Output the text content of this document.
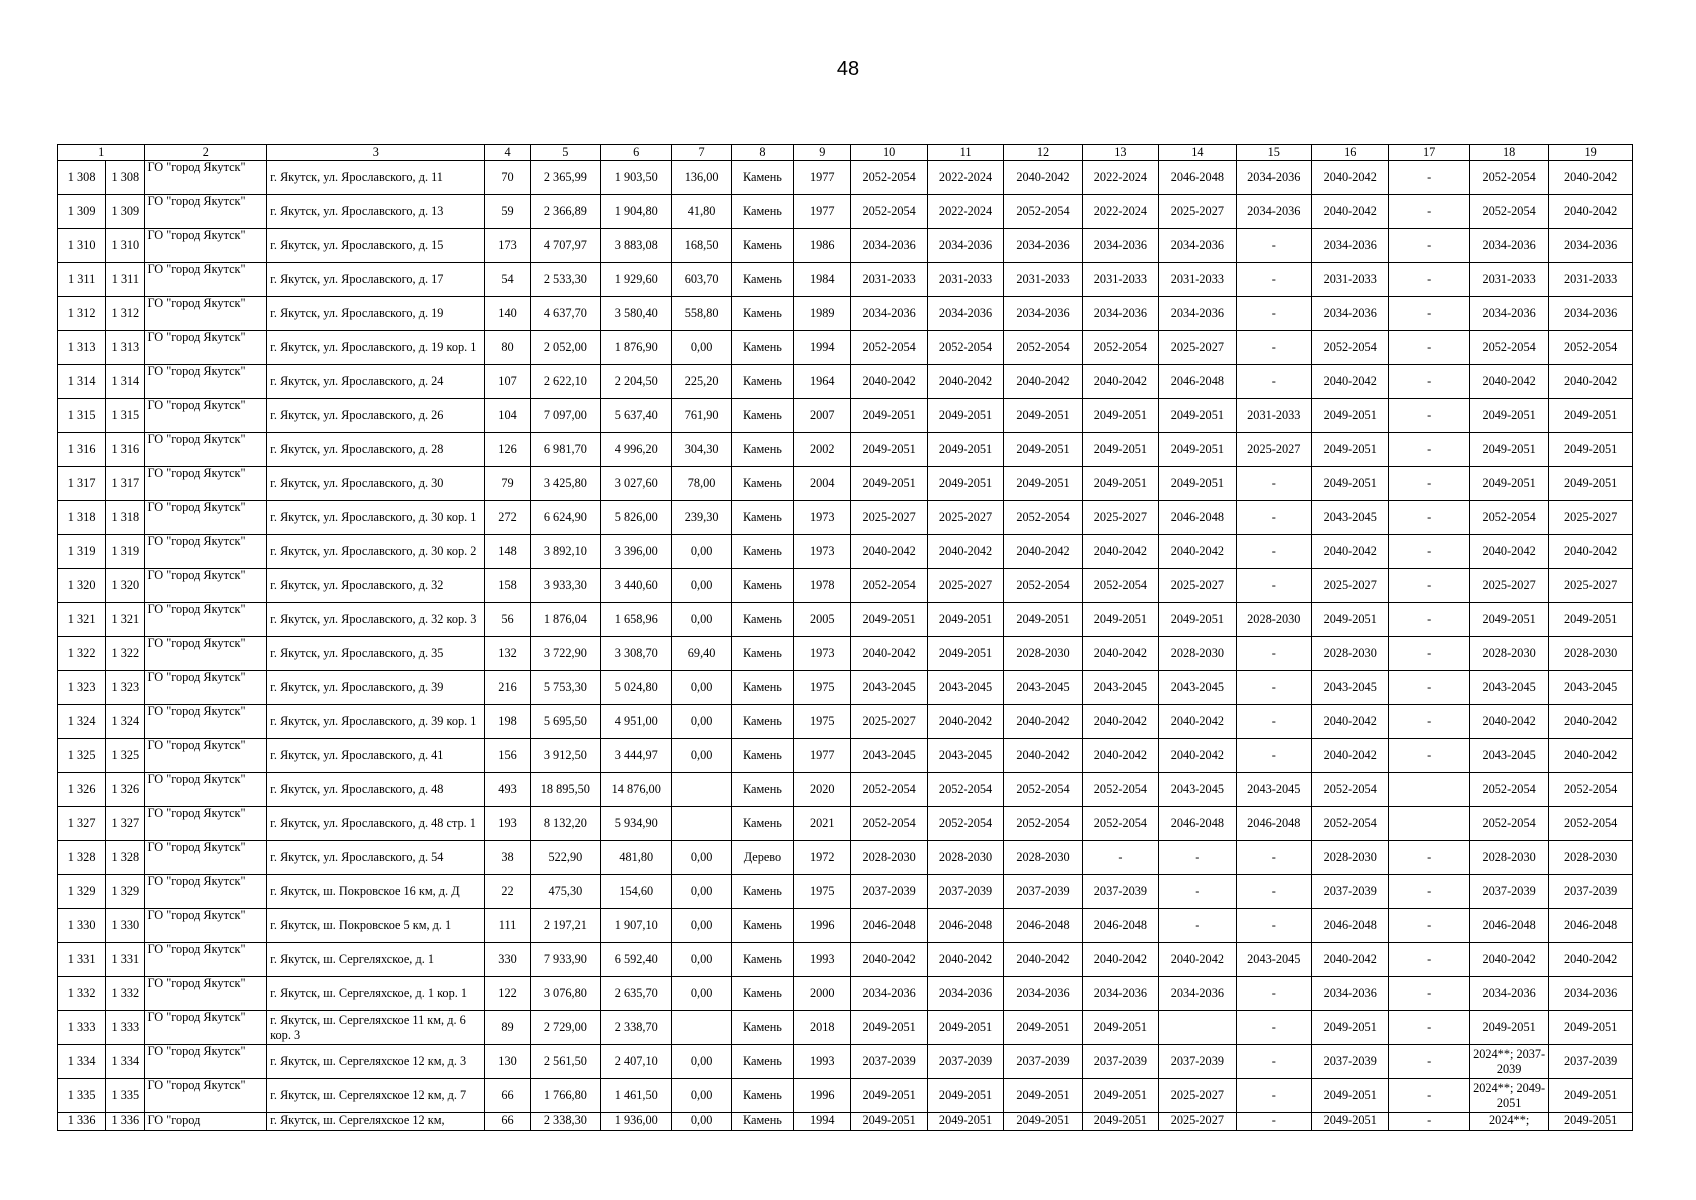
48
1		2	3	4	5	6	7	8	9	10	11	12	13	14	15	16	17	18	19
1 308	1 308	ГО "город Якутск"	г. Якутск, ул. Ярославского, д. 11	70	2 365,99	1 903,50	136,00	Камень	1977	2052-2054	2022-2024	2040-2042	2022-2024	2046-2048	2034-2036	2040-2042	-	2052-2054	2040-2042
1 309	1 309	ГО "город Якутск"	г. Якутск, ул. Ярославского, д. 13	59	2 366,89	1 904,80	41,80	Камень	1977	2052-2054	2022-2024	2052-2054	2022-2024	2025-2027	2034-2036	2040-2042	-	2052-2054	2040-2042
1 310	1 310	ГО "город Якутск"	г. Якутск, ул. Ярославского, д. 15	173	4 707,97	3 883,08	168,50	Камень	1986	2034-2036	2034-2036	2034-2036	2034-2036	2034-2036	-	2034-2036	-	2034-2036	2034-2036
1 311	1 311	ГО "город Якутск"	г. Якутск, ул. Ярославского, д. 17	54	2 533,30	1 929,60	603,70	Камень	1984	2031-2033	2031-2033	2031-2033	2031-2033	2031-2033	-	2031-2033	-	2031-2033	2031-2033
1 312	1 312	ГО "город Якутск"	г. Якутск, ул. Ярославского, д. 19	140	4 637,70	3 580,40	558,80	Камень	1989	2034-2036	2034-2036	2034-2036	2034-2036	2034-2036	-	2034-2036	-	2034-2036	2034-2036
1 313	1 313	ГО "город Якутск"	г. Якутск, ул. Ярославского, д. 19 кор. 1	80	2 052,00	1 876,90	0,00	Камень	1994	2052-2054	2052-2054	2052-2054	2052-2054	2025-2027	-	2052-2054	-	2052-2054	2052-2054
1 314	1 314	ГО "город Якутск"	г. Якутск, ул. Ярославского, д. 24	107	2 622,10	2 204,50	225,20	Камень	1964	2040-2042	2040-2042	2040-2042	2040-2042	2046-2048	-	2040-2042	-	2040-2042	2040-2042
1 315	1 315	ГО "город Якутск"	г. Якутск, ул. Ярославского, д. 26	104	7 097,00	5 637,40	761,90	Камень	2007	2049-2051	2049-2051	2049-2051	2049-2051	2049-2051	2031-2033	2049-2051	-	2049-2051	2049-2051
1 316	1 316	ГО "город Якутск"	г. Якутск, ул. Ярославского, д. 28	126	6 981,70	4 996,20	304,30	Камень	2002	2049-2051	2049-2051	2049-2051	2049-2051	2049-2051	2025-2027	2049-2051	-	2049-2051	2049-2051
1 317	1 317	ГО "город Якутск"	г. Якутск, ул. Ярославского, д. 30	79	3 425,80	3 027,60	78,00	Камень	2004	2049-2051	2049-2051	2049-2051	2049-2051	2049-2051	-	2049-2051	-	2049-2051	2049-2051
1 318	1 318	ГО "город Якутск"	г. Якутск, ул. Ярославского, д. 30 кор. 1	272	6 624,90	5 826,00	239,30	Камень	1973	2025-2027	2025-2027	2052-2054	2025-2027	2046-2048	-	2043-2045	-	2052-2054	2025-2027
1 319	1 319	ГО "город Якутск"	г. Якутск, ул. Ярославского, д. 30 кор. 2	148	3 892,10	3 396,00	0,00	Камень	1973	2040-2042	2040-2042	2040-2042	2040-2042	2040-2042	-	2040-2042	-	2040-2042	2040-2042
1 320	1 320	ГО "город Якутск"	г. Якутск, ул. Ярославского, д. 32	158	3 933,30	3 440,60	0,00	Камень	1978	2052-2054	2025-2027	2052-2054	2052-2054	2025-2027	-	2025-2027	-	2025-2027	2025-2027
1 321	1 321	ГО "город Якутск"	г. Якутск, ул. Ярославского, д. 32 кор. 3	56	1 876,04	1 658,96	0,00	Камень	2005	2049-2051	2049-2051	2049-2051	2049-2051	2049-2051	2028-2030	2049-2051	-	2049-2051	2049-2051
1 322	1 322	ГО "город Якутск"	г. Якутск, ул. Ярославского, д. 35	132	3 722,90	3 308,70	69,40	Камень	1973	2040-2042	2049-2051	2028-2030	2040-2042	2028-2030	-	2028-2030	-	2028-2030	2028-2030
1 323	1 323	ГО "город Якутск"	г. Якутск, ул. Ярославского, д. 39	216	5 753,30	5 024,80	0,00	Камень	1975	2043-2045	2043-2045	2043-2045	2043-2045	2043-2045	-	2043-2045	-	2043-2045	2043-2045
1 324	1 324	ГО "город Якутск"	г. Якутск, ул. Ярославского, д. 39 кор. 1	198	5 695,50	4 951,00	0,00	Камень	1975	2025-2027	2040-2042	2040-2042	2040-2042	2040-2042	-	2040-2042	-	2040-2042	2040-2042
1 325	1 325	ГО "город Якутск"	г. Якутск, ул. Ярославского, д. 41	156	3 912,50	3 444,97	0,00	Камень	1977	2043-2045	2043-2045	2040-2042	2040-2042	2040-2042	-	2040-2042	-	2043-2045	2040-2042
1 326	1 326	ГО "город Якутск"	г. Якутск, ул. Ярославского, д. 48	493	18 895,50	14 876,00		Камень	2020	2052-2054	2052-2054	2052-2054	2052-2054	2043-2045	2043-2045	2052-2054		2052-2054	2052-2054
1 327	1 327	ГО "город Якутск"	г. Якутск, ул. Ярославского, д. 48 стр. 1	193	8 132,20	5 934,90		Камень	2021	2052-2054	2052-2054	2052-2054	2052-2054	2046-2048	2046-2048	2052-2054		2052-2054	2052-2054
1 328	1 328	ГО "город Якутск"	г. Якутск, ул. Ярославского, д. 54	38	522,90	481,80	0,00	Дерево	1972	2028-2030	2028-2030	2028-2030	-	-	-	2028-2030	-	2028-2030	2028-2030
1 329	1 329	ГО "город Якутск"	г. Якутск, ш. Покровское 16 км, д. Д	22	475,30	154,60	0,00	Камень	1975	2037-2039	2037-2039	2037-2039	2037-2039	-	-	2037-2039	-	2037-2039	2037-2039
1 330	1 330	ГО "город Якутск"	г. Якутск, ш. Покровское 5 км, д. 1	111	2 197,21	1 907,10	0,00	Камень	1996	2046-2048	2046-2048	2046-2048	2046-2048	-	-	2046-2048	-	2046-2048	2046-2048
1 331	1 331	ГО "город Якутск"	г. Якутск, ш. Сергеляхское, д. 1	330	7 933,90	6 592,40	0,00	Камень	1993	2040-2042	2040-2042	2040-2042	2040-2042	2040-2042	2043-2045	2040-2042	-	2040-2042	2040-2042
1 332	1 332	ГО "город Якутск"	г. Якутск, ш. Сергеляхское, д. 1 кор. 1	122	3 076,80	2 635,70	0,00	Камень	2000	2034-2036	2034-2036	2034-2036	2034-2036	2034-2036	-	2034-2036	-	2034-2036	2034-2036
1 333	1 333	ГО "город Якутск"	г. Якутск, ш. Сергеляхское 11 км, д. 6 кор. 3	89	2 729,00	2 338,70		Камень	2018	2049-2051	2049-2051	2049-2051	2049-2051		-	2049-2051	-	2049-2051	2049-2051
1 334	1 334	ГО "город Якутск"	г. Якутск, ш. Сергеляхское 12 км, д. 3	130	2 561,50	2 407,10	0,00	Камень	1993	2037-2039	2037-2039	2037-2039	2037-2039	2037-2039	-	2037-2039	-	2024**; 2037-2039	2037-2039
1 335	1 335	ГО "город Якутск"	г. Якутск, ш. Сергеляхское 12 км, д. 7	66	1 766,80	1 461,50	0,00	Камень	1996	2049-2051	2049-2051	2049-2051	2049-2051	2025-2027	-	2049-2051	-	2024**; 2049-2051	2049-2051
1 336	1 336	ГО "город	г. Якутск, ш. Сергеляхское 12 км,	66	2 338,30	1 936,00	0,00	Камень	1994	2049-2051	2049-2051	2049-2051	2049-2051	2025-2027	-	2049-2051	-	2024**;	2049-2051
